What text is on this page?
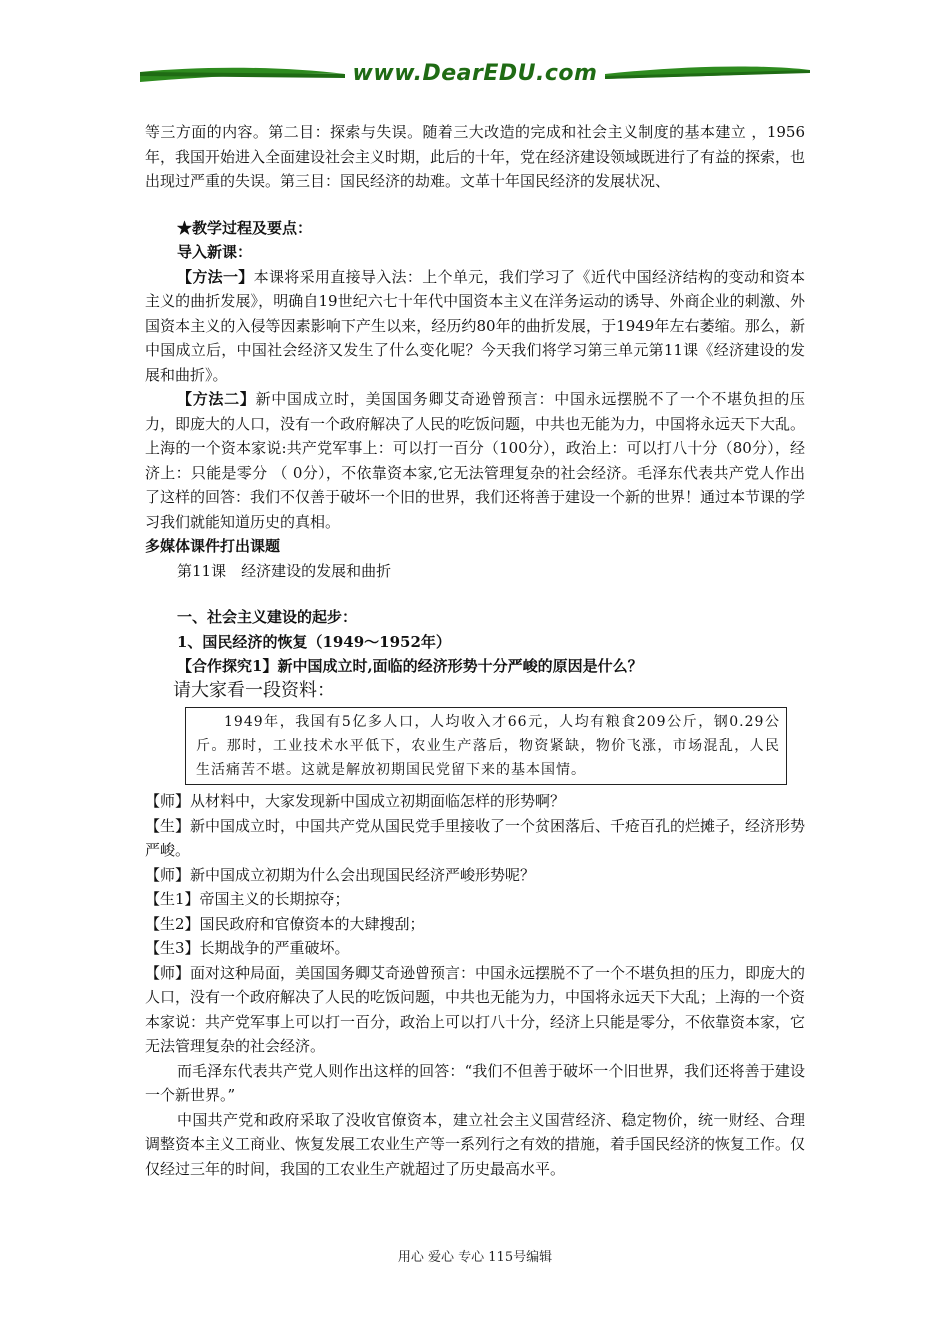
www.DearEDU.com

等三方面的内容。第二目：探索与失误。随着三大改造的完成和社会主义制度的基本建立 ，1956年，我国开始进入全面建设社会主义时期，此后的十年，党在经济建设领域既进行了有益的探索，也出现过严重的失误。第三目：国民经济的劫难。文革十年国民经济的发展状况、

★教学过程及要点：

导入新课：

【方法一】本课将采用直接导入法：上个单元，我们学习了《近代中国经济结构的变动和资本主义的曲折发展》，明确自19世纪六七十年代中国资本主义在洋务运动的诱导、外商企业的刺激、外国资本主义的入侵等因素影响下产生以来，经历约80年的曲折发展，于1949年左右萎缩。那么，新中国成立后，中国社会经济又发生了什么变化呢？今天我们将学习第三单元第11课《经济建设的发展和曲折》。

【方法二】新中国成立时，美国国务卿艾奇逊曾预言：中国永远摆脱不了一个不堪负担的压力，即庞大的人口，没有一个政府解决了人民的吃饭问题，中共也无能为力，中国将永远天下大乱。上海的一个资本家说:共产党军事上：可以打一百分（100分），政治上：可以打八十分（80分），经济上：只能是零分 （ 0分），不依靠资本家,它无法管理复杂的社会经济。毛泽东代表共产党人作出了这样的回答：我们不仅善于破坏一个旧的世界，我们还将善于建设一个新的世界！通过本节课的学习我们就能知道历史的真相。

多媒体课件打出课题

第11课　经济建设的发展和曲折

一、社会主义建设的起步：

1、国民经济的恢复（1949～1952年）

【合作探究1】新中国成立时,面临的经济形势十分严峻的原因是什么？

请大家看一段资料：

1949年，我国有5亿多人口，人均收入才66元，人均有粮食209公斤，钢0.29公斤。那时，工业技术水平低下，农业生产落后，物资紧缺，物价飞涨，市场混乱，人民生活痛苦不堪。这就是解放初期国民党留下来的基本国情。

【师】从材料中，大家发现新中国成立初期面临怎样的形势啊？

【生】新中国成立时，中国共产党从国民党手里接收了一个贫困落后、千疮百孔的烂摊子，经济形势严峻。

【师】新中国成立初期为什么会出现国民经济严峻形势呢？

【生1】帝国主义的长期掠夺；

【生2】国民政府和官僚资本的大肆搜刮；

【生3】长期战争的严重破坏。

【师】面对这种局面，美国国务卿艾奇逊曾预言：中国永远摆脱不了一个不堪负担的压力，即庞大的人口，没有一个政府解决了人民的吃饭问题，中共也无能为力，中国将永远天下大乱；上海的一个资本家说：共产党军事上可以打一百分，政治上可以打八十分，经济上只能是零分，不依靠资本家，它无法管理复杂的社会经济。

而毛泽东代表共产党人则作出这样的回答：“我们不但善于破坏一个旧世界，我们还将善于建设一个新世界。”

中国共产党和政府采取了没收官僚资本，建立社会主义国营经济、稳定物价，统一财经、合理调整资本主义工商业、恢复发展工农业生产等一系列行之有效的措施，着手国民经济的恢复工作。仅仅经过三年的时间，我国的工农业生产就超过了历史最高水平。

用心 爱心 专心 115号编辑
